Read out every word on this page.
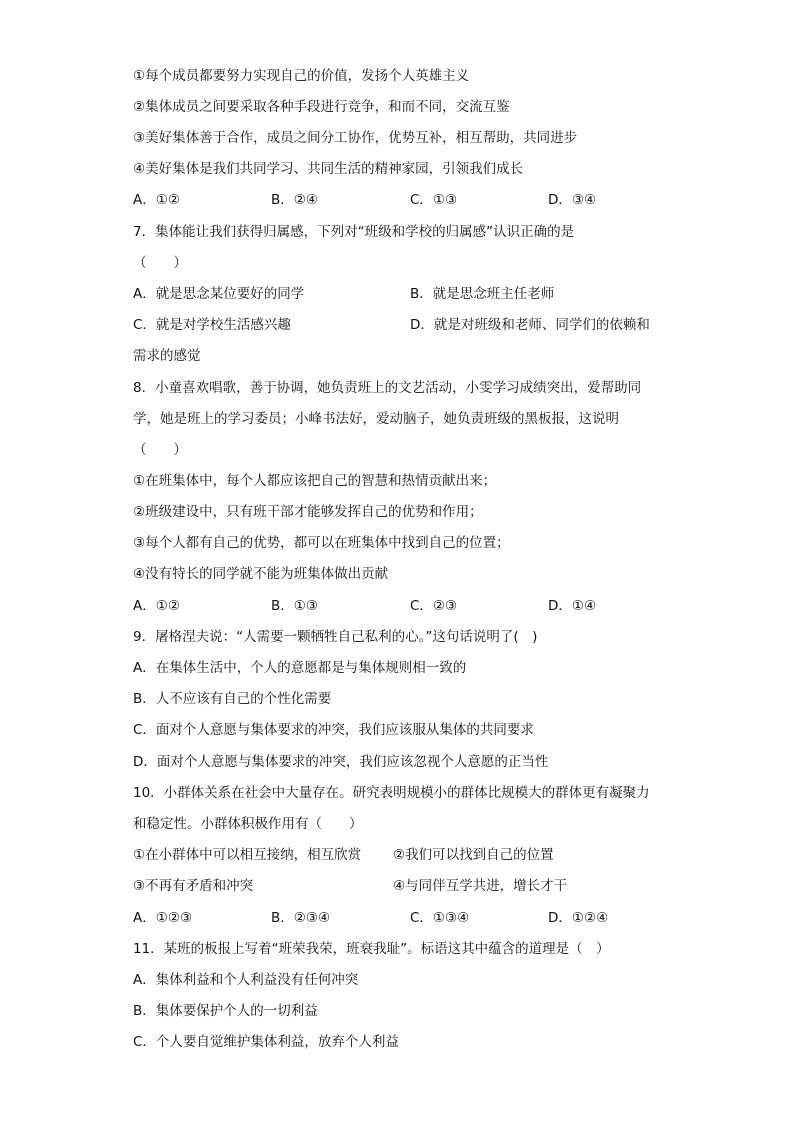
①每个成员都要努力实现自己的价值，发扬个人英雄主义
②集体成员之间要采取各种手段进行竞争，和而不同，交流互鉴
③美好集体善于合作，成员之间分工协作，优势互补，相互帮助，共同进步
④美好集体是我们共同学习、共同生活的精神家园，引领我们成长
A．①②	B．②④	C．①③	D．③④
7．集体能让我们获得归属感，下列对“班级和学校的归属感”认识正确的是
（　　）
A．就是思念某位要好的同学	B．就是思念班主任老师
C．就是对学校生活感兴趣	D．就是对班级和老师、同学们的依赖和
需求的感觉
8．小童喜欢唱歌，善于协调，她负责班上的文艺活动，小雯学习成绩突出，爱帮助同
学，她是班上的学习委员；小峰书法好，爱动脑子，她负责班级的黑板报，这说明
（　　）
①在班集体中，每个人都应该把自己的智慧和热情贡献出来；
②班级建设中，只有班干部才能够发挥自己的优势和作用；
③每个人都有自己的优势，都可以在班集体中找到自己的位置；
④没有特长的同学就不能为班集体做出贡献
A．①②	B．①③	C．②③	D．①④
9．屠格涅夫说：“人需要一颗牺牲自己私利的心。”这句话说明了(　)
A．在集体生活中，个人的意愿都是与集体规则相一致的
B．人不应该有自己的个性化需要
C．面对个人意愿与集体要求的冲突，我们应该服从集体的共同要求
D．面对个人意愿与集体要求的冲突，我们应该忽视个人意愿的正当性
10．小群体关系在社会中大量存在。研究表明规模小的群体比规模大的群体更有凝聚力
和稳定性。小群体积极作用有（　　）
①在小群体中可以相互接纳，相互欣赏 ②我们可以找到自己的位置
③不再有矛盾和冲突	④与同伴互学共进，增长才干
A．①②③	B．②③④	C．①③④	D．①②④
11．某班的板报上写着“班荣我荣，班衰我耻”。标语这其中蕴含的道理是（　）
A．集体利益和个人利益没有任何冲突
B．集体要保护个人的一切利益
C．个人要自觉维护集体利益，放弃个人利益
